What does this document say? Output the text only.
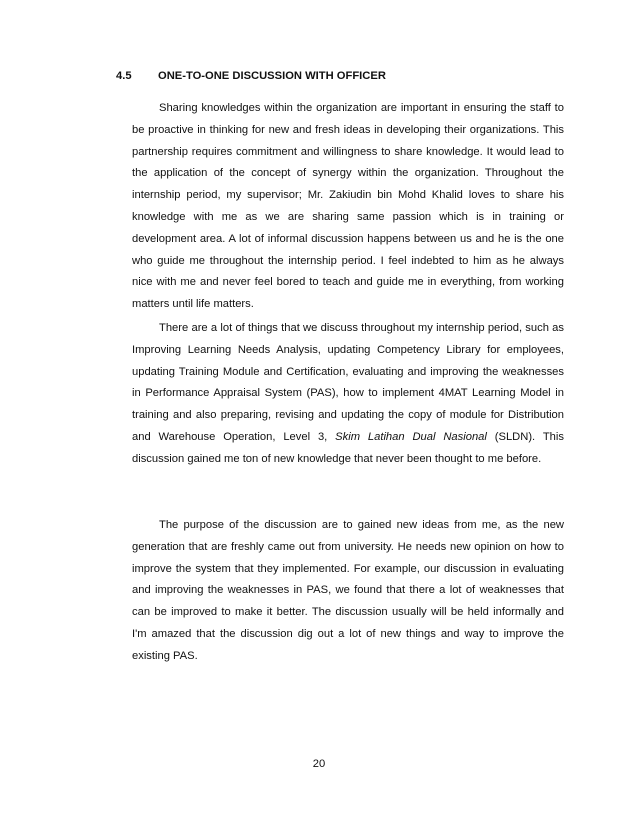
4.5 ONE-TO-ONE DISCUSSION WITH OFFICER

Sharing knowledges within the organization are important in ensuring the staff to be proactive in thinking for new and fresh ideas in developing their organizations. This partnership requires commitment and willingness to share knowledge. It would lead to the application of the concept of synergy within the organization. Throughout the internship period, my supervisor; Mr. Zakiudin bin Mohd Khalid loves to share his knowledge with me as we are sharing same passion which is in training or development area. A lot of informal discussion happens between us and he is the one who guide me throughout the internship period. I feel indebted to him as he always nice with me and never feel bored to teach and guide me in everything, from working matters until life matters.

There are a lot of things that we discuss throughout my internship period, such as Improving Learning Needs Analysis, updating Competency Library for employees, updating Training Module and Certification, evaluating and improving the weaknesses in Performance Appraisal System (PAS), how to implement 4MAT Learning Model in training and also preparing, revising and updating the copy of module for Distribution and Warehouse Operation, Level 3, Skim Latihan Dual Nasional (SLDN). This discussion gained me ton of new knowledge that never been thought to me before.

The purpose of the discussion are to gained new ideas from me, as the new generation that are freshly came out from university. He needs new opinion on how to improve the system that they implemented. For example, our discussion in evaluating and improving the weaknesses in PAS, we found that there a lot of weaknesses that can be improved to make it better. The discussion usually will be held informally and I'm amazed that the discussion dig out a lot of new things and way to improve the existing PAS.

20
